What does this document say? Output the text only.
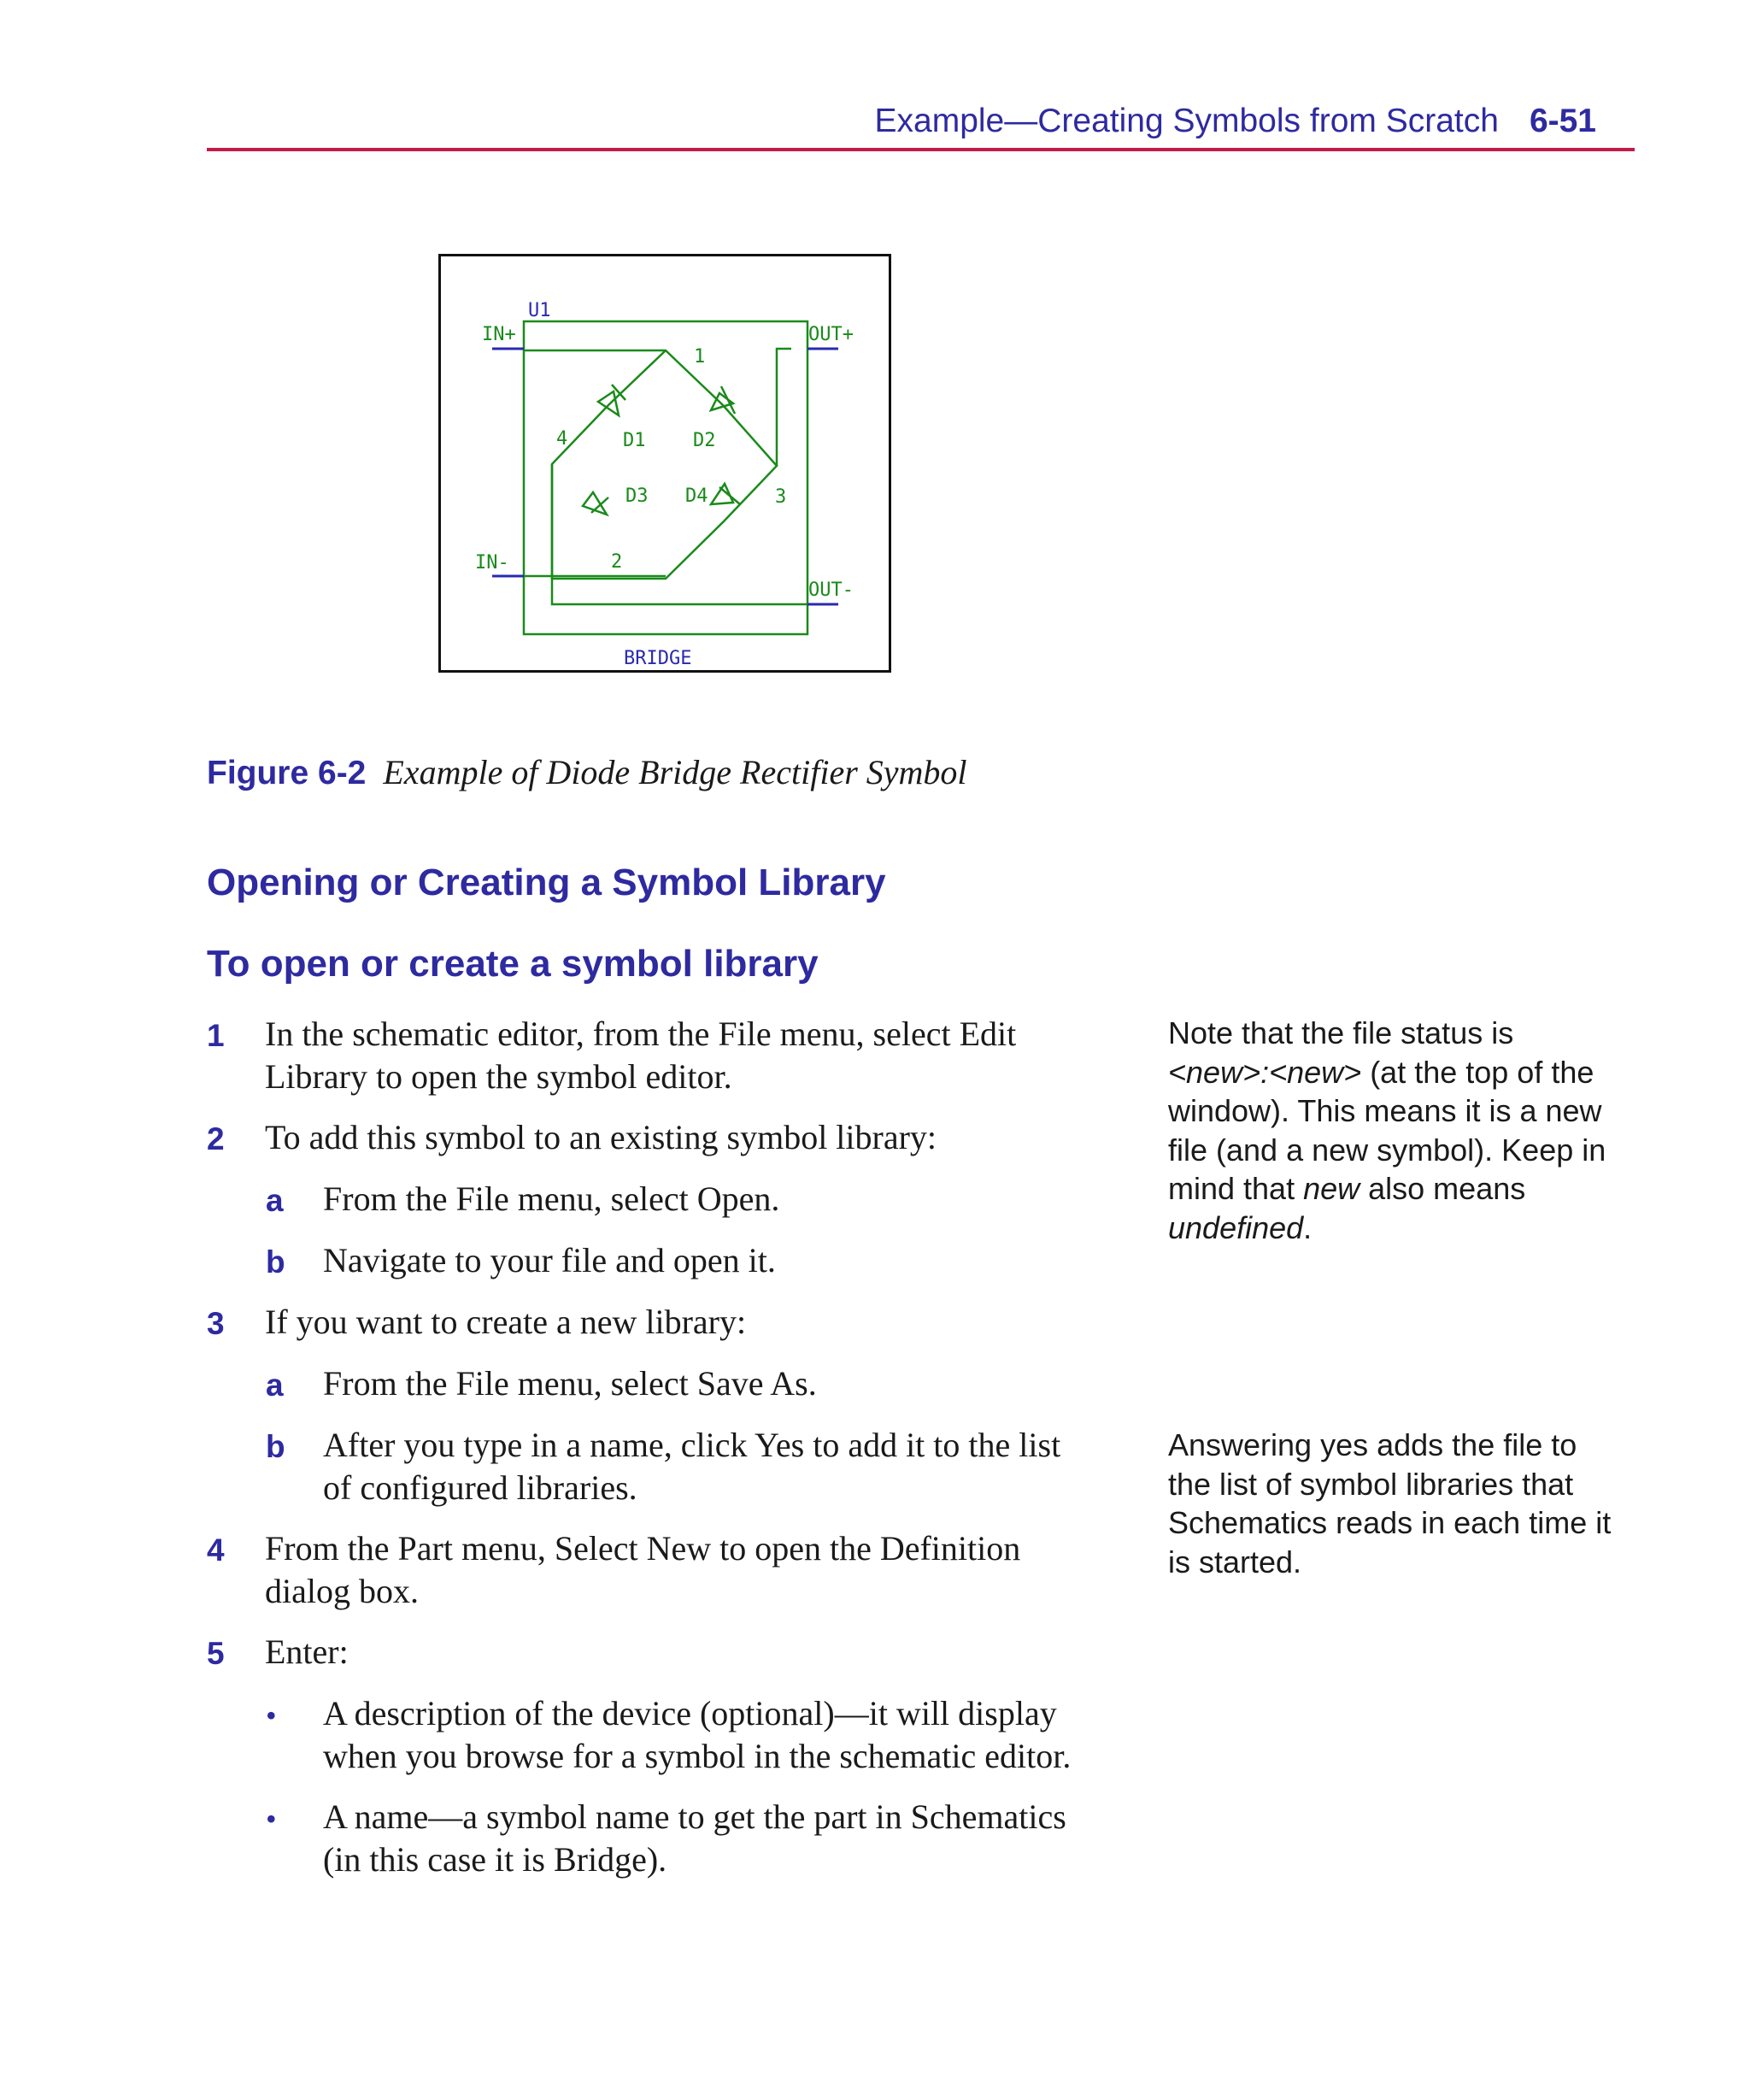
Example—Creating Symbols from Scratch 6-51
U1
IN+
IN-
OUT+
OUT-
1
2
3
4	D1	D2
D3 D4
BRIDGE
Figure 6-2 Example of Diode Bridge Rectifier Symbol
Opening or Creating a Symbol Library
To open or create a symbol library
1 In the schematic editor, from the File menu, select Edit
Library to open the symbol editor.
2 To add this symbol to an existing symbol library:
a From the File menu, select Open.
b Navigate to your file and open it.
3 If you want to create a new library:
a From the File menu, select Save As.
b After you type in a name, click Yes to add it to the list
of configured libraries.
4 From the Part menu, Select New to open the Definition
dialog box.
5 Enter:
• A description of the device (optional)—it will display
when you browse for a symbol in the schematic editor.
• A name—a symbol name to get the part in Schematics
(in this case it is Bridge).
Note that the file status is
<new>:<new> (at the top of the
window). This means it is a new
file (and a new symbol). Keep in
mind that new also means
undefined.
Answering yes adds the file to
the list of symbol libraries that
Schematics reads in each time it
is started.
